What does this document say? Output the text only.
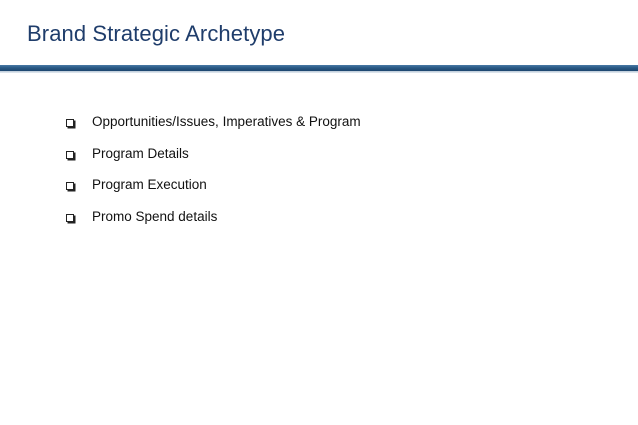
Brand Strategic Archetype
Opportunities/Issues, Imperatives & Program
Program Details
Program Execution
Promo Spend details
